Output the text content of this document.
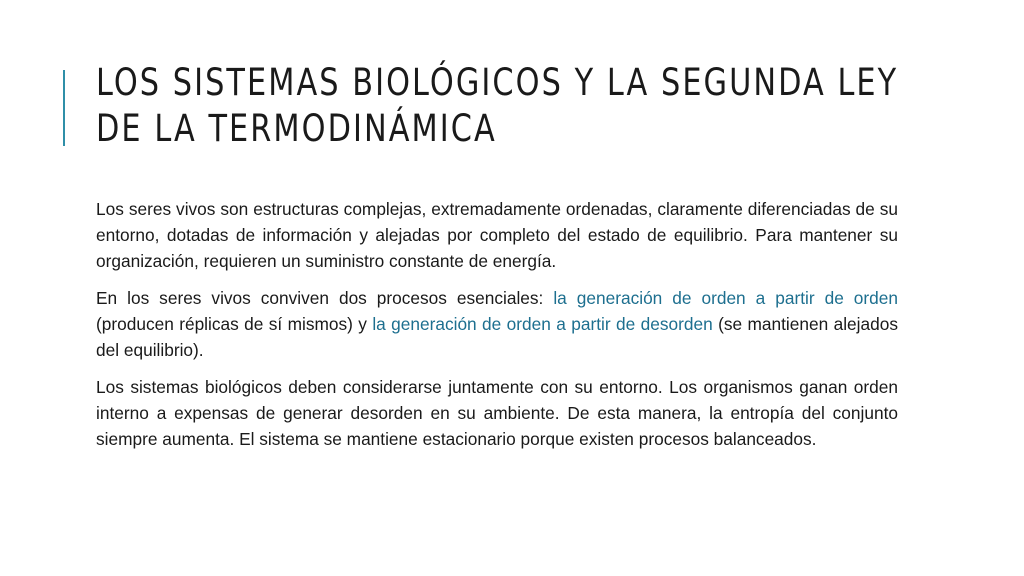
LOS SISTEMAS BIOLÓGICOS Y LA SEGUNDA LEY
DE LA TERMODINÁMICA

Los seres vivos son estructuras complejas, extremadamente ordenadas, claramente diferenciadas de su entorno, dotadas de información y alejadas por completo del estado de equilibrio. Para mantener su organización, requieren un suministro constante de energía.

En los seres vivos conviven dos procesos esenciales: la generación de orden a partir de orden (producen réplicas de sí mismos) y la generación de orden a partir de desorden (se mantienen alejados del equilibrio).

Los sistemas biológicos deben considerarse juntamente con su entorno. Los organismos ganan orden interno a expensas de generar desorden en su ambiente. De esta manera, la entropía del conjunto siempre aumenta. El sistema se mantiene estacionario porque existen procesos balanceados.
